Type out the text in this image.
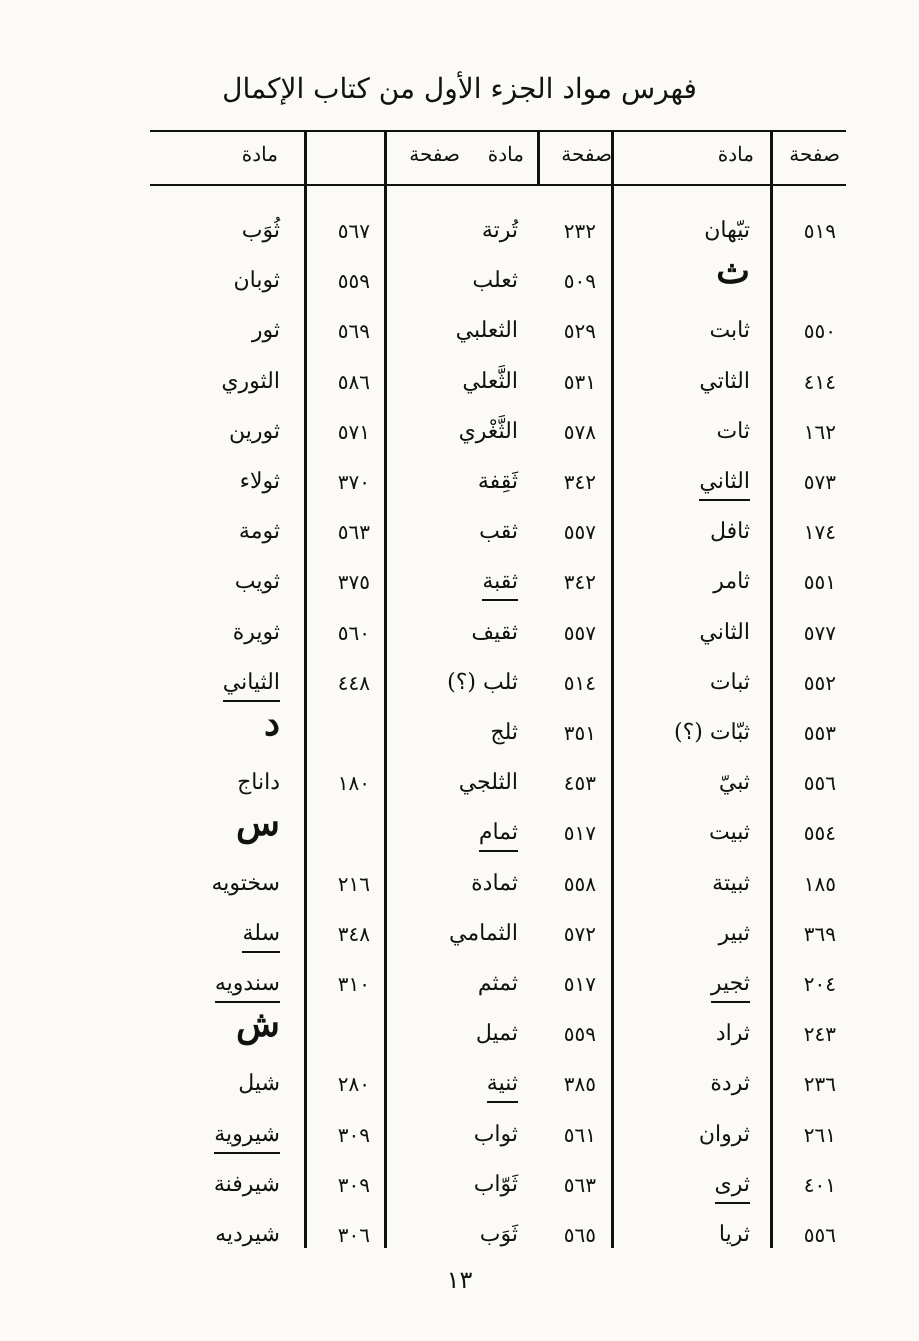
فهرس مواد الجزء الأول من كتاب الإكمال
صفحة
مادة
صفحة
مادة
صفحة
مادة
٥١٩
تيّهان
٢٣٢
تُرتة
٥٦٧
ثُوَب
ث
٥٠٩
ثعلب
٥٥٩
ثوبان
٥٥٠
ثابت
٥٢٩
الثعلبي
٥٦٩
ثور
٤١٤
الثاتي
٥٣١
الثَّعلي
٥٨٦
الثوري
١٦٢
ثات
٥٧٨
الثَّغْري
٥٧١
ثورين
٥٧٣
الثاني
٣٤٢
ثَقِفة
٣٧٠
ثولاء
١٧٤
ثافل
٥٥٧
ثقب
٥٦٣
ثومة
٥٥١
ثامر
٣٤٢
ثقبة
٣٧٥
ثويب
٥٧٧
الثاني
٥٥٧
ثقيف
٥٦٠
ثويرة
٥٥٢
ثبات
٥١٤
ثلب (؟)
٤٤٨
الثياني
٥٥٣
ثبّات (؟)
٣٥١
ثلج
د
٥٥٦
ثبيّ
٤٥٣
الثلجي
١٨٠
داناج
٥٥٤
ثبيت
٥١٧
ثمام
س
١٨٥
ثبيتة
٥٥٨
ثمادة
٢١٦
سختويه
٣٦٩
ثبير
٥٧٢
الثمامي
٣٤٨
سلة
٢٠٤
ثجير
٥١٧
ثمثم
٣١٠
سندويه
٢٤٣
ثراد
٥٥٩
ثميل
ش
٢٣٦
ثردة
٣٨٥
ثنية
٢٨٠
شيل
٢٦١
ثروان
٥٦١
ثواب
٣٠٩
شيروية
٤٠١
ثرى
٥٦٣
ثَوّاب
٣٠٩
شيرفنة
٥٥٦
ثريا
٥٦٥
ثَوَب
٣٠٦
شيرديه
١٣
